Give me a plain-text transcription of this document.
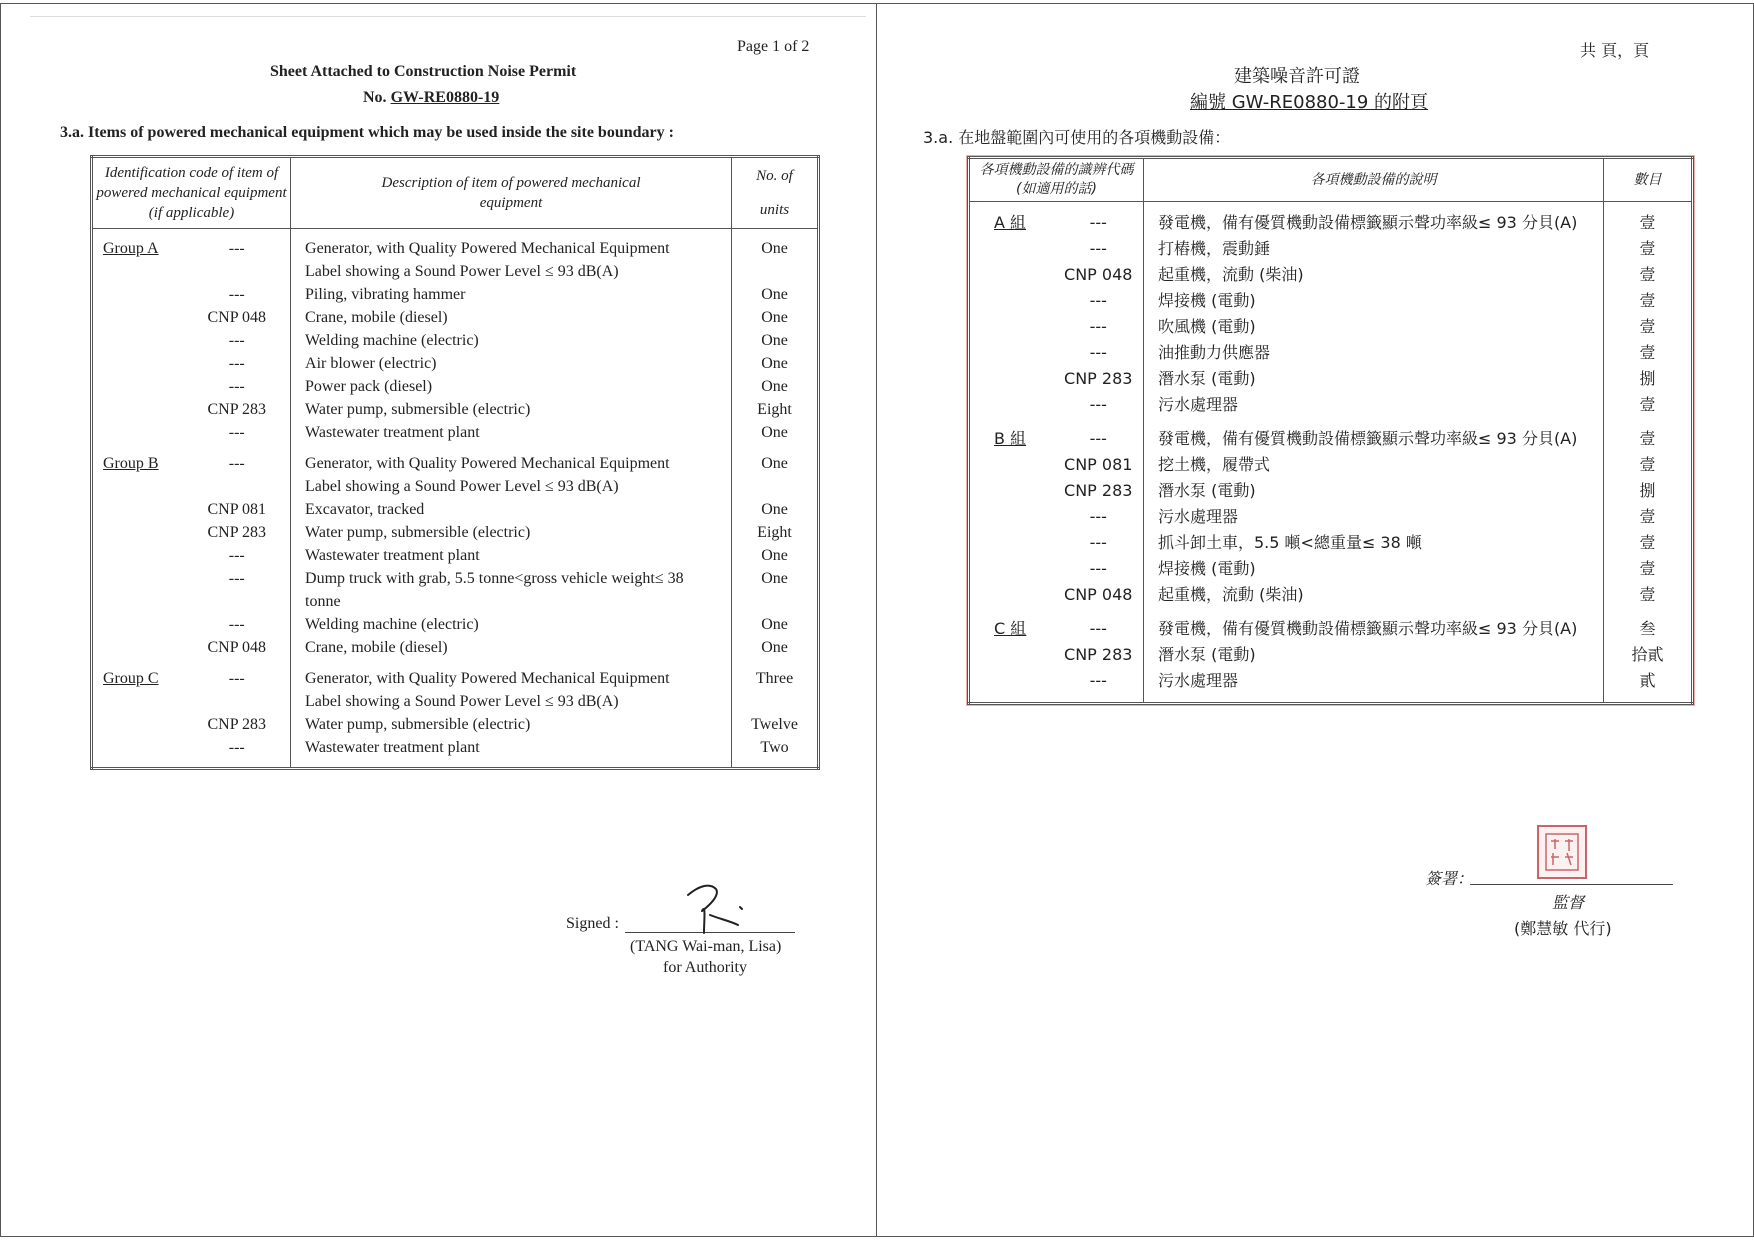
Page 1 of 2
Sheet Attached to Construction Noise Permit
No. GW-RE0880-19
3.a. Items of powered mechanical equipment which may be used inside the site boundary :
Identification code of item of powered mechanical equipment (if applicable)		Description of item of powered mechanical equipment	No. of
units

Group A	---	Generator, with Quality Powered Mechanical Equipment	One
		Label showing a Sound Power Level ≤ 93 dB(A)	
	---	Piling, vibrating hammer	One
	CNP 048	Crane, mobile (diesel)	One
	---	Welding machine (electric)	One
	---	Air blower (electric)	One
	---	Power pack (diesel)	One
	CNP 283	Water pump, submersible (electric)	Eight
	---	Wastewater treatment plant	One

Group B	---	Generator, with Quality Powered Mechanical Equipment	One
		Label showing a Sound Power Level ≤ 93 dB(A)	
	CNP 081	Excavator, tracked	One
	CNP 283	Water pump, submersible (electric)	Eight
	---	Wastewater treatment plant	One
	---	Dump truck with grab, 5.5 tonne<gross vehicle weight≤ 38	One
		tonne	
	---	Welding machine (electric)	One
	CNP 048	Crane, mobile (diesel)	One

Group C	---	Generator, with Quality Powered Mechanical Equipment	Three
		Label showing a Sound Power Level ≤ 93 dB(A)	
	CNP 283	Water pump, submersible (electric)	Twelve
	---	Wastewater treatment plant	Two

Signed :
(TANG Wai-man, Lisa)
for Authority
共 頁，頁
建築噪音許可證
編號 GW-RE0880-19 的附頁
3.a. 在地盤範圍內可使用的各項機動設備：
各項機動設備的識辨代碼
(如適用的話)		各項機動設備的說明	數目

A 組	---	發電機，備有優質機動設備標籤顯示聲功率級≤ 93 分貝(A)	壹
	---	打樁機，震動錘	壹
	CNP 048	起重機，流動 (柴油)	壹
	---	焊接機 (電動)	壹
	---	吹風機 (電動)	壹
	---	油推動力供應器	壹
	CNP 283	潛水泵 (電動)	捌
	---	污水處理器	壹

B 組	---	發電機，備有優質機動設備標籤顯示聲功率級≤ 93 分貝(A)	壹
	CNP 081	挖土機，履帶式	壹
	CNP 283	潛水泵 (電動)	捌
	---	污水處理器	壹
	---	抓斗卸土車，5.5 噸<總重量≤ 38 噸	壹
	---	焊接機 (電動)	壹
	CNP 048	起重機，流動 (柴油)	壹

C 組	---	發電機，備有優質機動設備標籤顯示聲功率級≤ 93 分貝(A)	叁
	CNP 283	潛水泵 (電動)	拾貳
	---	污水處理器	貳

簽署：
監督
(鄭慧敏 代行)
